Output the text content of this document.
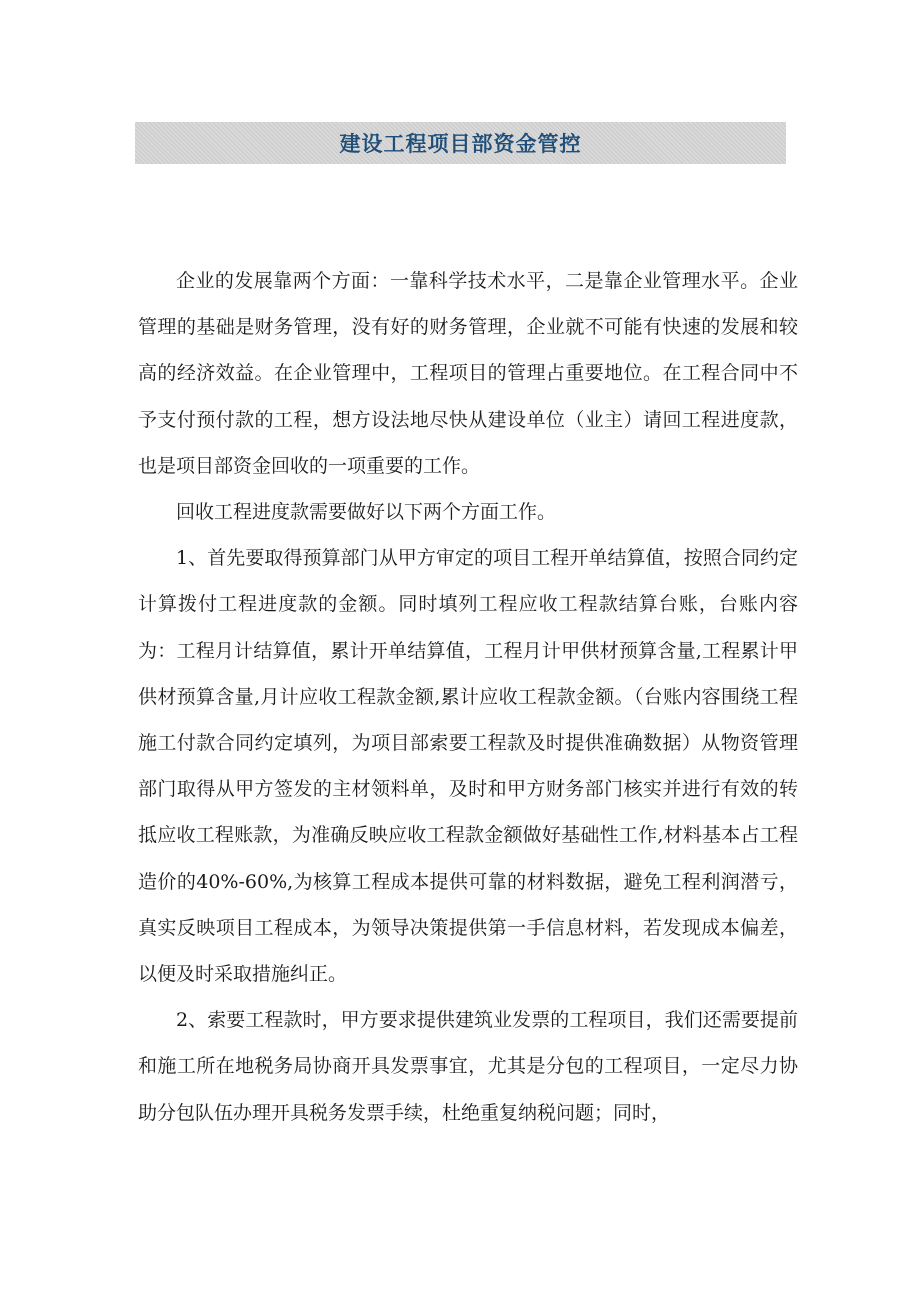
建设工程项目部资金管控

企业的发展靠两个方面：一靠科学技术水平，二是靠企业管理水平。企业管理的基础是财务管理，没有好的财务管理，企业就不可能有快速的发展和较高的经济效益。在企业管理中，工程项目的管理占重要地位。在工程合同中不予支付预付款的工程，想方设法地尽快从建设单位（业主）请回工程进度款，也是项目部资金回收的一项重要的工作。

回收工程进度款需要做好以下两个方面工作。

1、首先要取得预算部门从甲方审定的项目工程开单结算值，按照合同约定计算拨付工程进度款的金额。同时填列工程应收工程款结算台账，台账内容为：工程月计结算值，累计开单结算值，工程月计甲供材预算含量,工程累计甲供材预算含量,月计应收工程款金额,累计应收工程款金额。（台账内容围绕工程施工付款合同约定填列，为项目部索要工程款及时提供准确数据）从物资管理部门取得从甲方签发的主材领料单，及时和甲方财务部门核实并进行有效的转抵应收工程账款，为准确反映应收工程款金额做好基础性工作,材料基本占工程造价的40%-60%,为核算工程成本提供可靠的材料数据，避免工程利润潜亏，真实反映项目工程成本，为领导决策提供第一手信息材料，若发现成本偏差，以便及时采取措施纠正。

2、索要工程款时，甲方要求提供建筑业发票的工程项目，我们还需要提前和施工所在地税务局协商开具发票事宜，尤其是分包的工程项目，一定尽力协助分包队伍办理开具税务发票手续，杜绝重复纳税问题；同时，
